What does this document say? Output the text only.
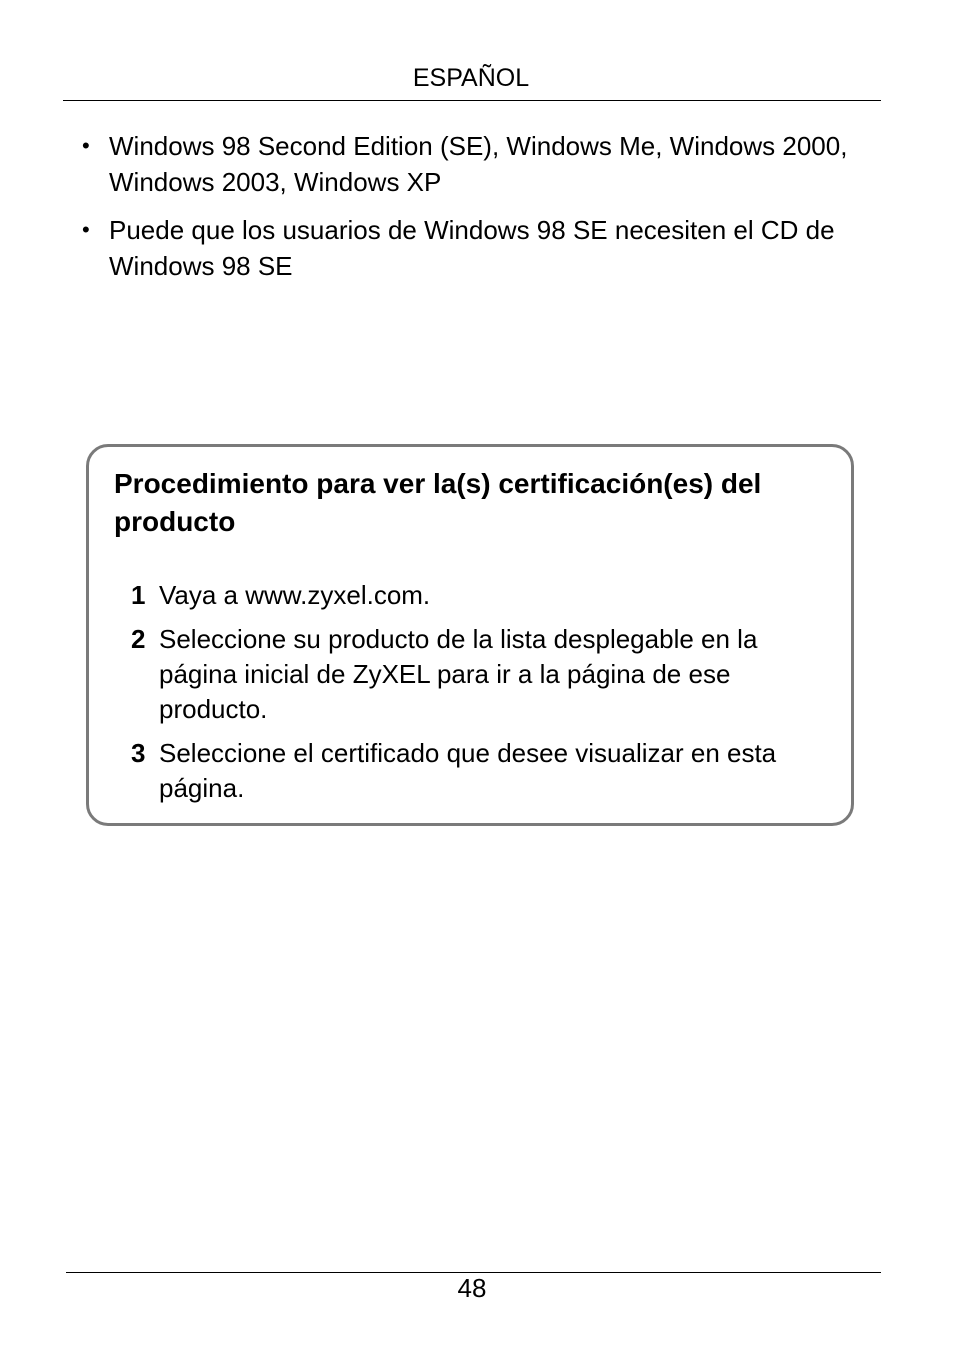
ESPAÑOL
• Windows 98 Second Edition (SE), Windows Me, Windows 2000, Windows 2003, Windows XP
• Puede que los usuarios de Windows 98 SE necesiten el CD de Windows 98 SE
Procedimiento para ver la(s) certificación(es) del producto
1 Vaya a www.zyxel.com.
2 Seleccione su producto de la lista desplegable en la página inicial de ZyXEL para ir a la página de ese producto.
3 Seleccione el certificado que desee visualizar en esta página.
48
